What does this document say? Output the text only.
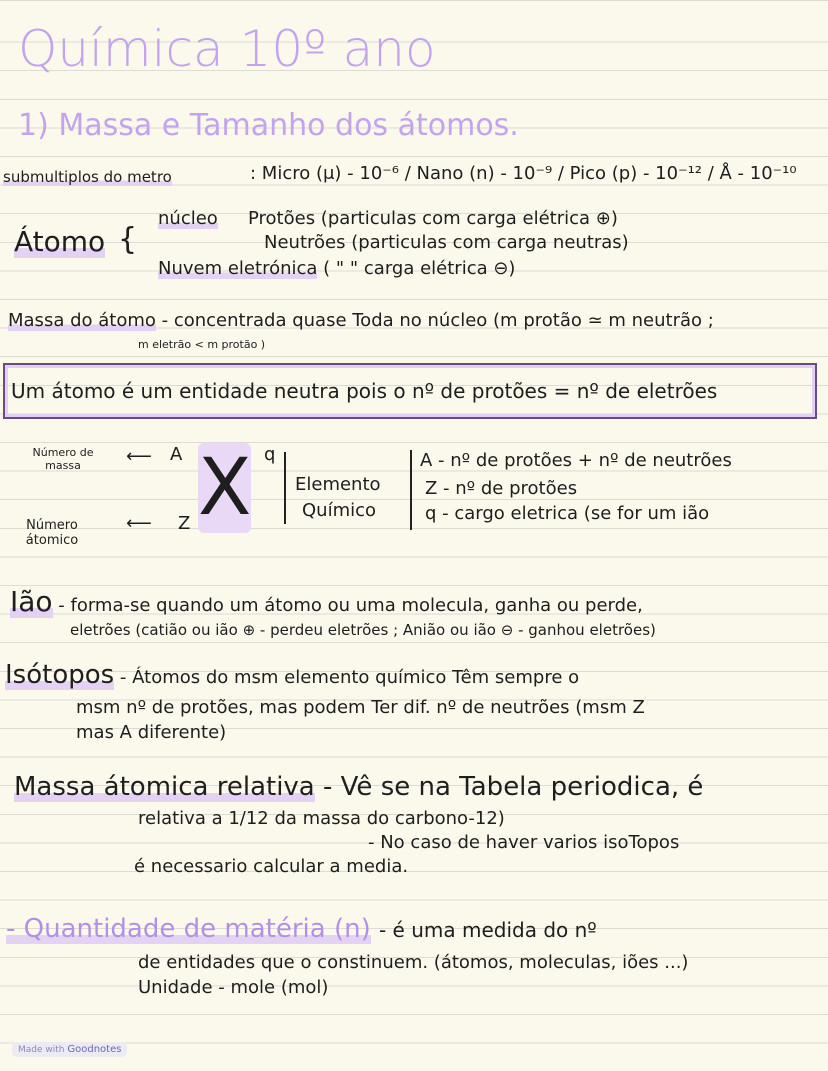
Química 10º ano
1) Massa e Tamanho dos átomos.
submultiplos do metro	: Micro (μ) - 10⁻⁶ / Nano (n) - 10⁻⁹ / Pico (p) - 10⁻¹² / Å - 10⁻¹⁰
Átomo {
núcleo Protões (particulas com carga elétrica ⊕)
Neutrões (particulas com carga neutras)
Nuvem eletrónica ( " " carga elétrica ⊖)
Massa do átomo - concentrada quase Toda no núcleo (m protão ≃ m neutrão ;
m eletrão < m protão )
Um átomo é um entidade neutra pois o nº de protões = nº de eletrões
Número de massa
Número átomico
⟵ A
⟵ Z X q
Elemento
Químico
A - nº de protões + nº de neutrões
Z - nº de protões
q - cargo eletrica (se for um ião
Ião - forma-se quando um átomo ou uma molecula, ganha ou perde,
eletrões (catião ou ião ⊕ - perdeu eletrões ; Anião ou ião ⊖ - ganhou eletrões)
Isótopos - Átomos do msm elemento químico Têm sempre o
msm nº de protões, mas podem Ter dif. nº de neutrões (msm Z
mas A diferente)
Massa átomica relativa - Vê se na Tabela periodica, é
relativa a 1/12 da massa do carbono-12)
- No caso de haver varios isoTopos
é necessario calcular a media.
- Quantidade de matéria (n) - é uma medida do nº
de entidades que o constinuem. (átomos, moleculas, iões ...)
Unidade - mole (mol)
Made with Goodnotes
